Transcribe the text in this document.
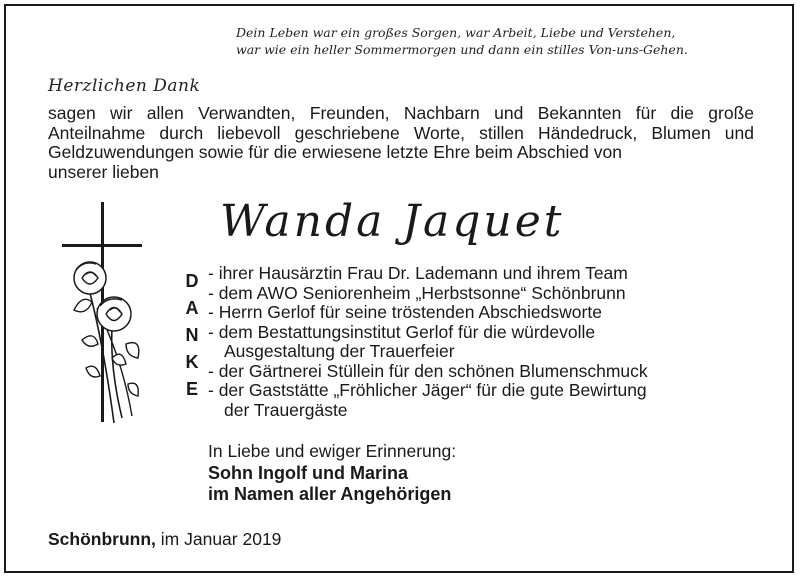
Dein Leben war ein großes Sorgen, war Arbeit, Liebe und Verstehen,
war wie ein heller Sommermorgen und dann ein stilles Von-uns-Gehen.
Herzlichen Dank
sagen wir allen Verwandten, Freunden, Nachbarn und Bekannten für die große Anteilnahme durch liebevoll geschriebene Worte, stillen Händedruck, Blumen und Geldzuwendungen sowie für die erwiesene letzte Ehre beim Abschied von
unserer lieben
Wanda Jaquet
D
A
N
K
E
- ihrer Hausärztin Frau Dr. Lademann und ihrem Team
- dem AWO Seniorenheim „Herbstsonne“ Schönbrunn
- Herrn Gerlof für seine tröstenden Abschiedsworte
- dem Bestattungsinstitut Gerlof für die würdevolle
Ausgestaltung der Trauerfeier
- der Gärtnerei Stüllein für den schönen Blumenschmuck
- der Gaststätte „Fröhlicher Jäger“ für die gute Bewirtung
der Trauergäste
In Liebe und ewiger Erinnerung:
Sohn Ingolf und Marina
im Namen aller Angehörigen
Schönbrunn, im Januar 2019
